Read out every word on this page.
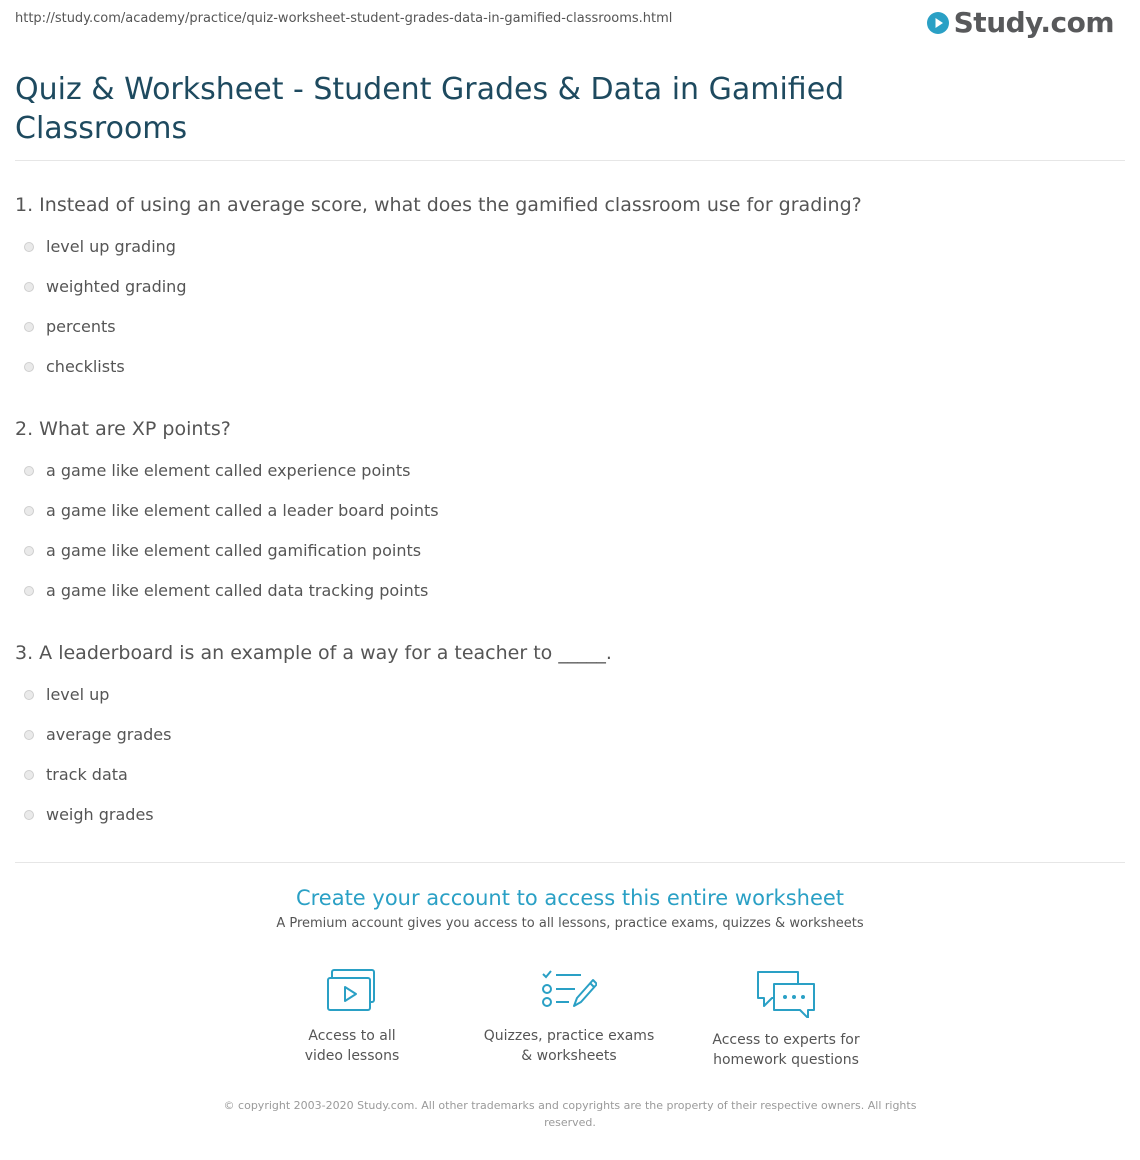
http://study.com/academy/practice/quiz-worksheet-student-grades-data-in-gamified-classrooms.html	Study.com
Quiz & Worksheet - Student Grades & Data in Gamified Classrooms
1. Instead of using an average score, what does the gamified classroom use for grading?
level up grading
weighted grading
percents
checklists
2. What are XP points?
a game like element called experience points
a game like element called a leader board points
a game like element called gamification points
a game like element called data tracking points
3. A leaderboard is an example of a way for a teacher to _____.
level up
average grades
track data
weigh grades
Create your account to access this entire worksheet
A Premium account gives you access to all lessons, practice exams, quizzes & worksheets
Access to all
video lessons
Quizzes, practice exams
& worksheets
Access to experts for
homework questions
© copyright 2003-2020 Study.com. All other trademarks and copyrights are the property of their respective owners. All rights
reserved.
